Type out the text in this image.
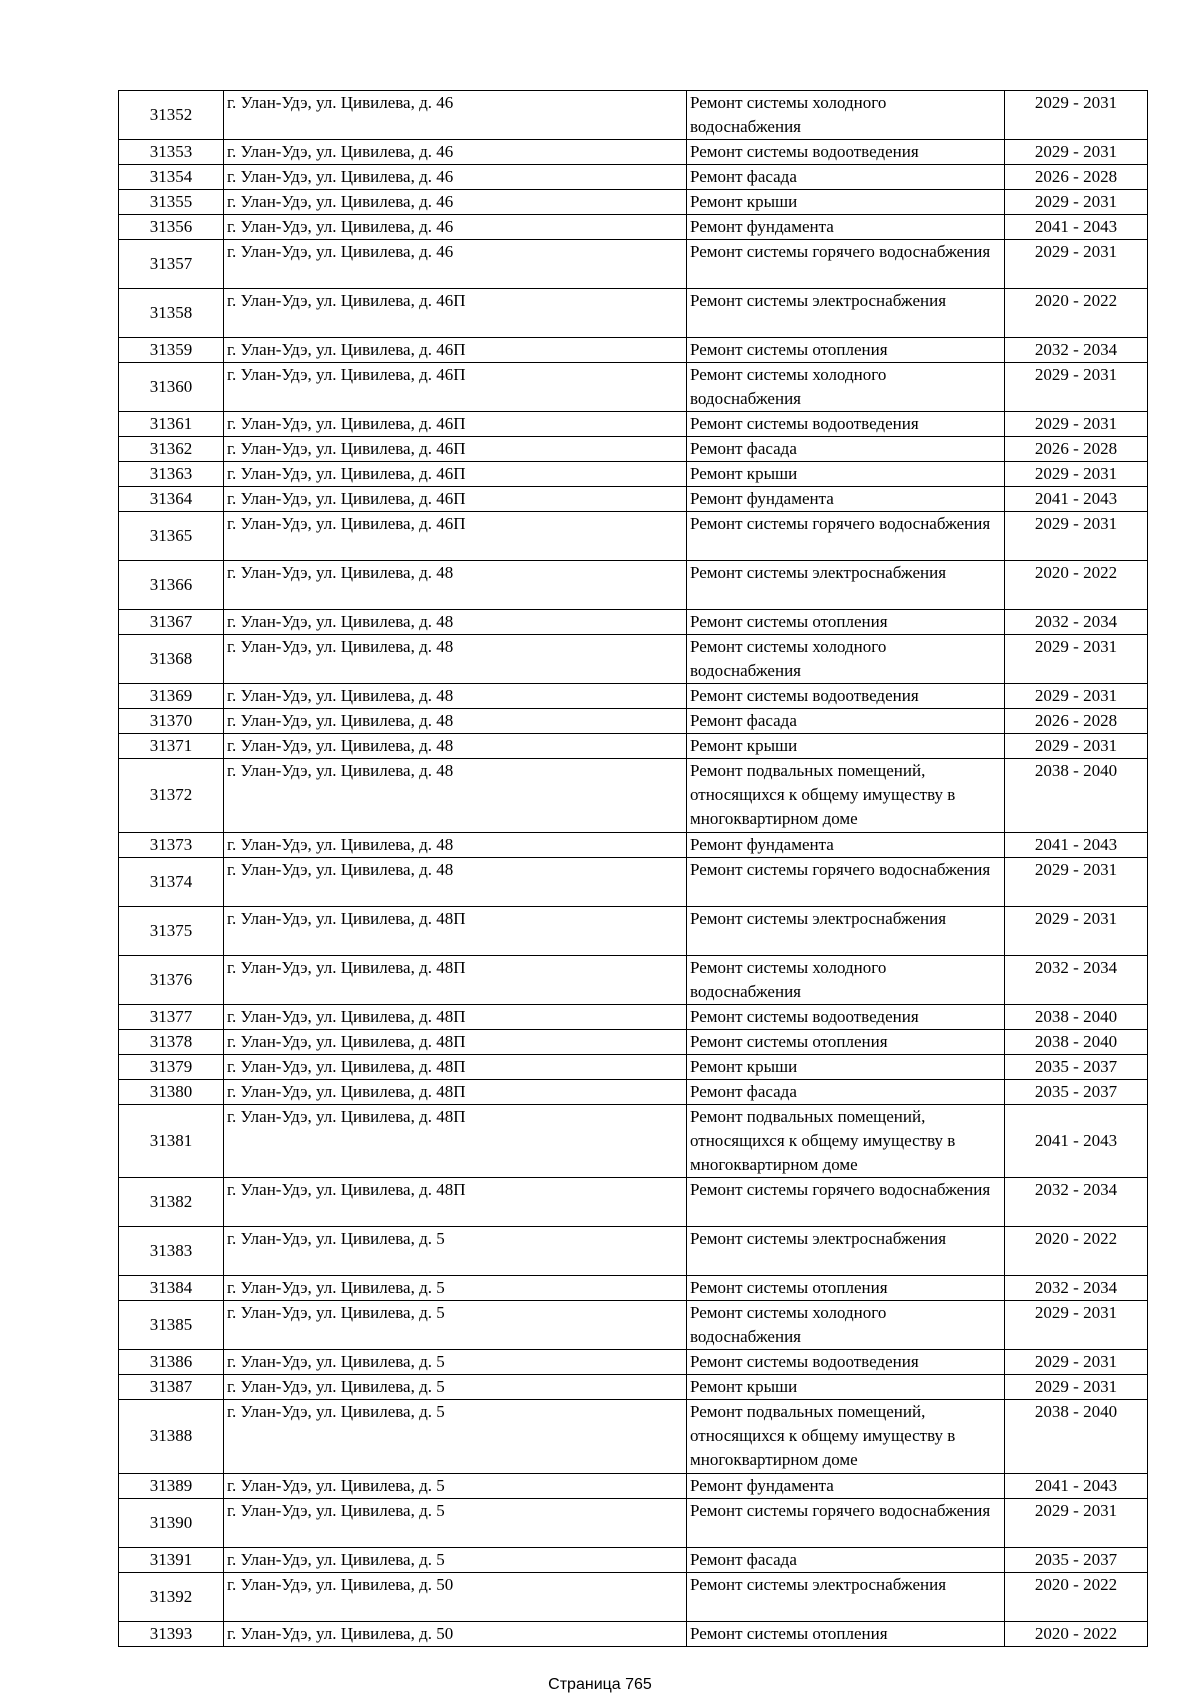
31352	г. Улан-Удэ, ул. Цивилева, д. 46	Ремонт системы холодного водоснабжения	2029 - 2031
31353	г. Улан-Удэ, ул. Цивилева, д. 46	Ремонт системы водоотведения	2029 - 2031
31354	г. Улан-Удэ, ул. Цивилева, д. 46	Ремонт фасада	2026 - 2028
31355	г. Улан-Удэ, ул. Цивилева, д. 46	Ремонт крыши	2029 - 2031
31356	г. Улан-Удэ, ул. Цивилева, д. 46	Ремонт фундамента	2041 - 2043
31357	г. Улан-Удэ, ул. Цивилева, д. 46	Ремонт системы горячего водоснабжения	2029 - 2031
31358	г. Улан-Удэ, ул. Цивилева, д. 46П	Ремонт системы электроснабжения	2020 - 2022
31359	г. Улан-Удэ, ул. Цивилева, д. 46П	Ремонт системы отопления	2032 - 2034
31360	г. Улан-Удэ, ул. Цивилева, д. 46П	Ремонт системы холодного водоснабжения	2029 - 2031
31361	г. Улан-Удэ, ул. Цивилева, д. 46П	Ремонт системы водоотведения	2029 - 2031
31362	г. Улан-Удэ, ул. Цивилева, д. 46П	Ремонт фасада	2026 - 2028
31363	г. Улан-Удэ, ул. Цивилева, д. 46П	Ремонт крыши	2029 - 2031
31364	г. Улан-Удэ, ул. Цивилева, д. 46П	Ремонт фундамента	2041 - 2043
31365	г. Улан-Удэ, ул. Цивилева, д. 46П	Ремонт системы горячего водоснабжения	2029 - 2031
31366	г. Улан-Удэ, ул. Цивилева, д. 48	Ремонт системы электроснабжения	2020 - 2022
31367	г. Улан-Удэ, ул. Цивилева, д. 48	Ремонт системы отопления	2032 - 2034
31368	г. Улан-Удэ, ул. Цивилева, д. 48	Ремонт системы холодного водоснабжения	2029 - 2031
31369	г. Улан-Удэ, ул. Цивилева, д. 48	Ремонт системы водоотведения	2029 - 2031
31370	г. Улан-Удэ, ул. Цивилева, д. 48	Ремонт фасада	2026 - 2028
31371	г. Улан-Удэ, ул. Цивилева, д. 48	Ремонт крыши	2029 - 2031
31372	г. Улан-Удэ, ул. Цивилева, д. 48	Ремонт подвальных помещений, относящихся к общему имуществу в многоквартирном доме	2038 - 2040
31373	г. Улан-Удэ, ул. Цивилева, д. 48	Ремонт фундамента	2041 - 2043
31374	г. Улан-Удэ, ул. Цивилева, д. 48	Ремонт системы горячего водоснабжения	2029 - 2031
31375	г. Улан-Удэ, ул. Цивилева, д. 48П	Ремонт системы электроснабжения	2029 - 2031
31376	г. Улан-Удэ, ул. Цивилева, д. 48П	Ремонт системы холодного водоснабжения	2032 - 2034
31377	г. Улан-Удэ, ул. Цивилева, д. 48П	Ремонт системы водоотведения	2038 - 2040
31378	г. Улан-Удэ, ул. Цивилева, д. 48П	Ремонт системы отопления	2038 - 2040
31379	г. Улан-Удэ, ул. Цивилева, д. 48П	Ремонт крыши	2035 - 2037
31380	г. Улан-Удэ, ул. Цивилева, д. 48П	Ремонт фасада	2035 - 2037
31381	г. Улан-Удэ, ул. Цивилева, д. 48П	Ремонт подвальных помещений, относящихся к общему имуществу в многоквартирном доме	2041 - 2043
31382	г. Улан-Удэ, ул. Цивилева, д. 48П	Ремонт системы горячего водоснабжения	2032 - 2034
31383	г. Улан-Удэ, ул. Цивилева, д. 5	Ремонт системы электроснабжения	2020 - 2022
31384	г. Улан-Удэ, ул. Цивилева, д. 5	Ремонт системы отопления	2032 - 2034
31385	г. Улан-Удэ, ул. Цивилева, д. 5	Ремонт системы холодного водоснабжения	2029 - 2031
31386	г. Улан-Удэ, ул. Цивилева, д. 5	Ремонт системы водоотведения	2029 - 2031
31387	г. Улан-Удэ, ул. Цивилева, д. 5	Ремонт крыши	2029 - 2031
31388	г. Улан-Удэ, ул. Цивилева, д. 5	Ремонт подвальных помещений, относящихся к общему имуществу в многоквартирном доме	2038 - 2040
31389	г. Улан-Удэ, ул. Цивилева, д. 5	Ремонт фундамента	2041 - 2043
31390	г. Улан-Удэ, ул. Цивилева, д. 5	Ремонт системы горячего водоснабжения	2029 - 2031
31391	г. Улан-Удэ, ул. Цивилева, д. 5	Ремонт фасада	2035 - 2037
31392	г. Улан-Удэ, ул. Цивилева, д. 50	Ремонт системы электроснабжения	2020 - 2022
31393	г. Улан-Удэ, ул. Цивилева, д. 50	Ремонт системы отопления	2020 - 2022
Страница 765
